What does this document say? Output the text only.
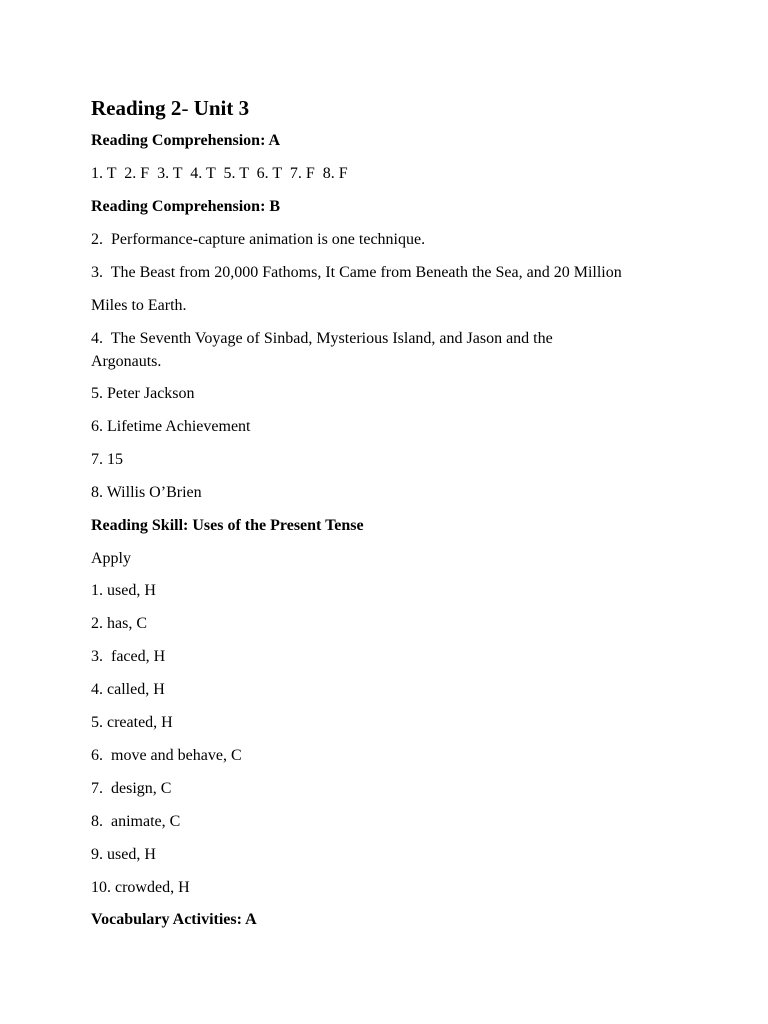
Reading 2- Unit 3
Reading Comprehension: A
1. T  2. F  3. T  4. T  5. T  6. T  7. F  8. F
Reading Comprehension: B
2.  Performance-capture animation is one technique.
3.  The Beast from 20,000 Fathoms, It Came from Beneath the Sea, and 20 Million
Miles to Earth.
4.  The Seventh Voyage of Sinbad, Mysterious Island, and Jason and the
Argonauts.
5. Peter Jackson
6. Lifetime Achievement
7. 15
8. Willis O’Brien
Reading Skill: Uses of the Present Tense
Apply
1. used, H
2. has, C
3.  faced, H
4. called, H
5. created, H
6.  move and behave, C
7.  design, C
8.  animate, C
9. used, H
10. crowded, H
Vocabulary Activities: A
